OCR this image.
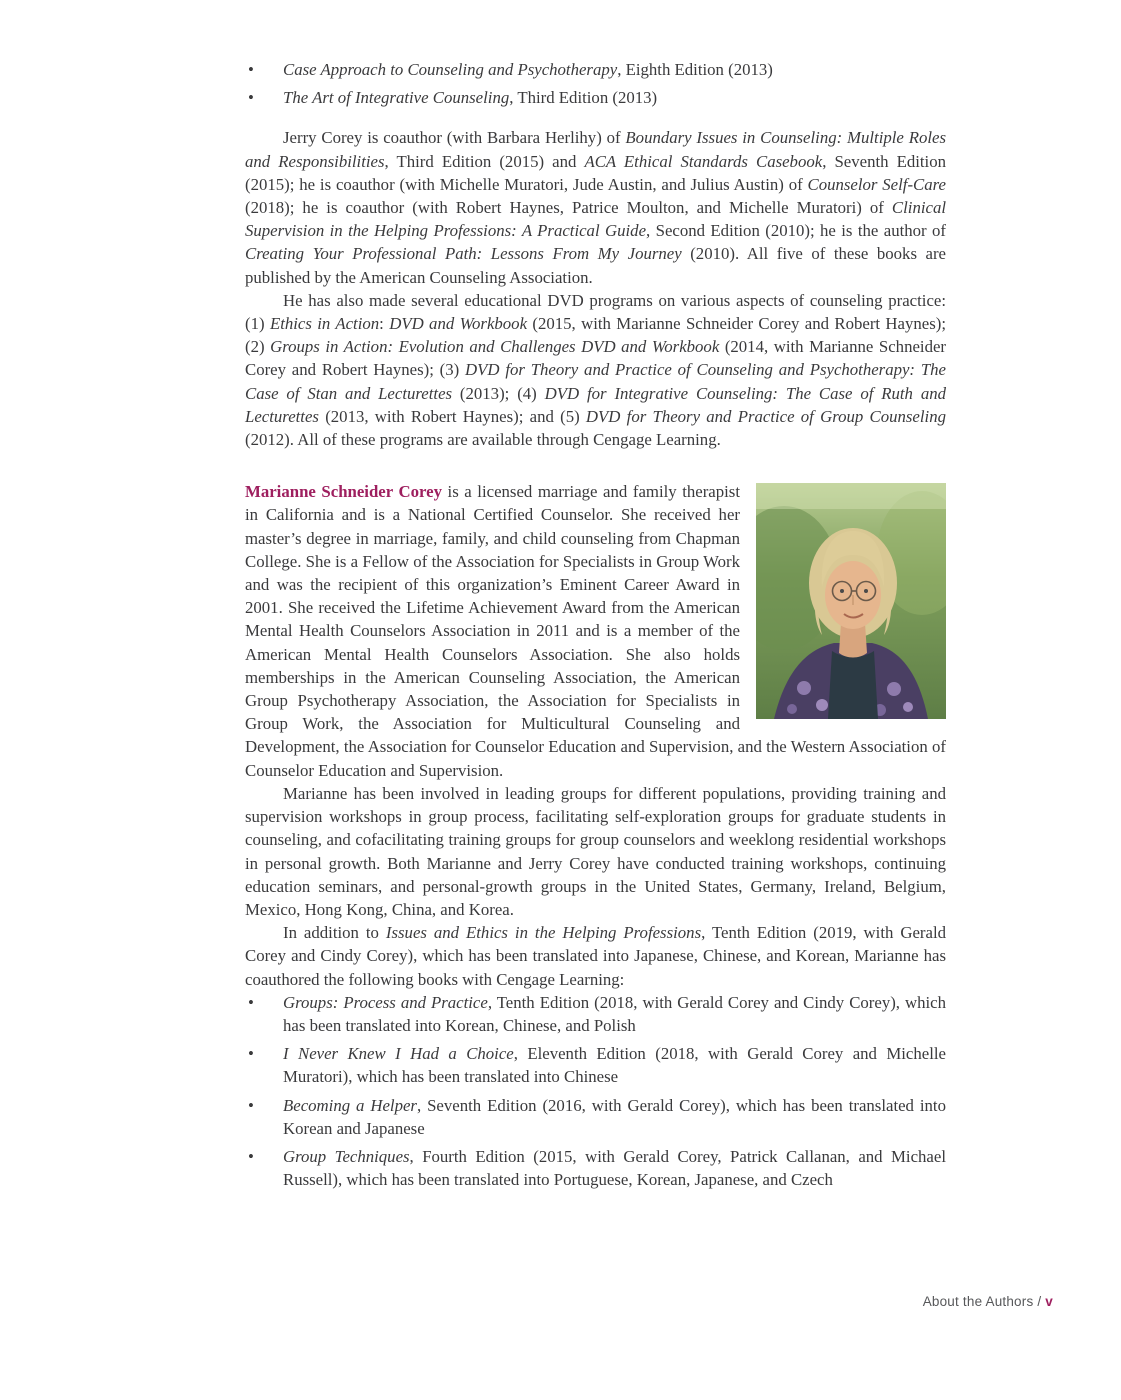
• Case Approach to Counseling and Psychotherapy, Eighth Edition (2013)
• The Art of Integrative Counseling, Third Edition (2013)

Jerry Corey is coauthor (with Barbara Herlihy) of Boundary Issues in Counseling: Multiple Roles and Responsibilities, Third Edition (2015) and ACA Ethical Standards Casebook, Seventh Edition (2015); he is coauthor (with Michelle Muratori, Jude Austin, and Julius Austin) of Counselor Self-Care (2018); he is coauthor (with Robert Haynes, Patrice Moulton, and Michelle Muratori) of Clinical Supervision in the Helping Professions: A Practical Guide, Second Edition (2010); he is the author of Creating Your Professional Path: Lessons From My Journey (2010). All five of these books are published by the American Counseling Association.

He has also made several educational DVD programs on various aspects of counseling practice: (1) Ethics in Action: DVD and Workbook (2015, with Marianne Schneider Corey and Robert Haynes); (2) Groups in Action: Evolution and Challenges DVD and Workbook (2014, with Marianne Schneider Corey and Robert Haynes); (3) DVD for Theory and Practice of Counseling and Psychotherapy: The Case of Stan and Lecturettes (2013); (4) DVD for Integrative Counseling: The Case of Ruth and Lecturettes (2013, with Robert Haynes); and (5) DVD for Theory and Practice of Group Counseling (2012). All of these programs are available through Cengage Learning.

Marianne Schneider Corey is a licensed marriage and family therapist in California and is a National Certified Counselor. She received her master’s degree in marriage, family, and child counseling from Chapman College. She is a Fellow of the Association for Specialists in Group Work and was the recipient of this organization’s Eminent Career Award in 2001. She received the Lifetime Achievement Award from the American Mental Health Counselors Association in 2011 and is a member of the American Mental Health Counselors Association. She also holds memberships in the American Counseling Association, the American Group Psychotherapy Association, the Association for Specialists in Group Work, the Association for Multicultural Counseling and Development, the Association for Counselor Education and Supervision, and the Western Association of Counselor Education and Supervision.

Marianne has been involved in leading groups for different populations, providing training and supervision workshops in group process, facilitating self-exploration groups for graduate students in counseling, and cofacilitating training groups for group counselors and weeklong residential workshops in personal growth. Both Marianne and Jerry Corey have conducted training workshops, continuing education seminars, and personal-growth groups in the United States, Germany, Ireland, Belgium, Mexico, Hong Kong, China, and Korea.

In addition to Issues and Ethics in the Helping Professions, Tenth Edition (2019, with Gerald Corey and Cindy Corey), which has been translated into Japanese, Chinese, and Korean, Marianne has coauthored the following books with Cengage Learning:

• Groups: Process and Practice, Tenth Edition (2018, with Gerald Corey and Cindy Corey), which has been translated into Korean, Chinese, and Polish
• I Never Knew I Had a Choice, Eleventh Edition (2018, with Gerald Corey and Michelle Muratori), which has been translated into Chinese
• Becoming a Helper, Seventh Edition (2016, with Gerald Corey), which has been translated into Korean and Japanese
• Group Techniques, Fourth Edition (2015, with Gerald Corey, Patrick Callanan, and Michael Russell), which has been translated into Portuguese, Korean, Japanese, and Czech
About the Authors / v
